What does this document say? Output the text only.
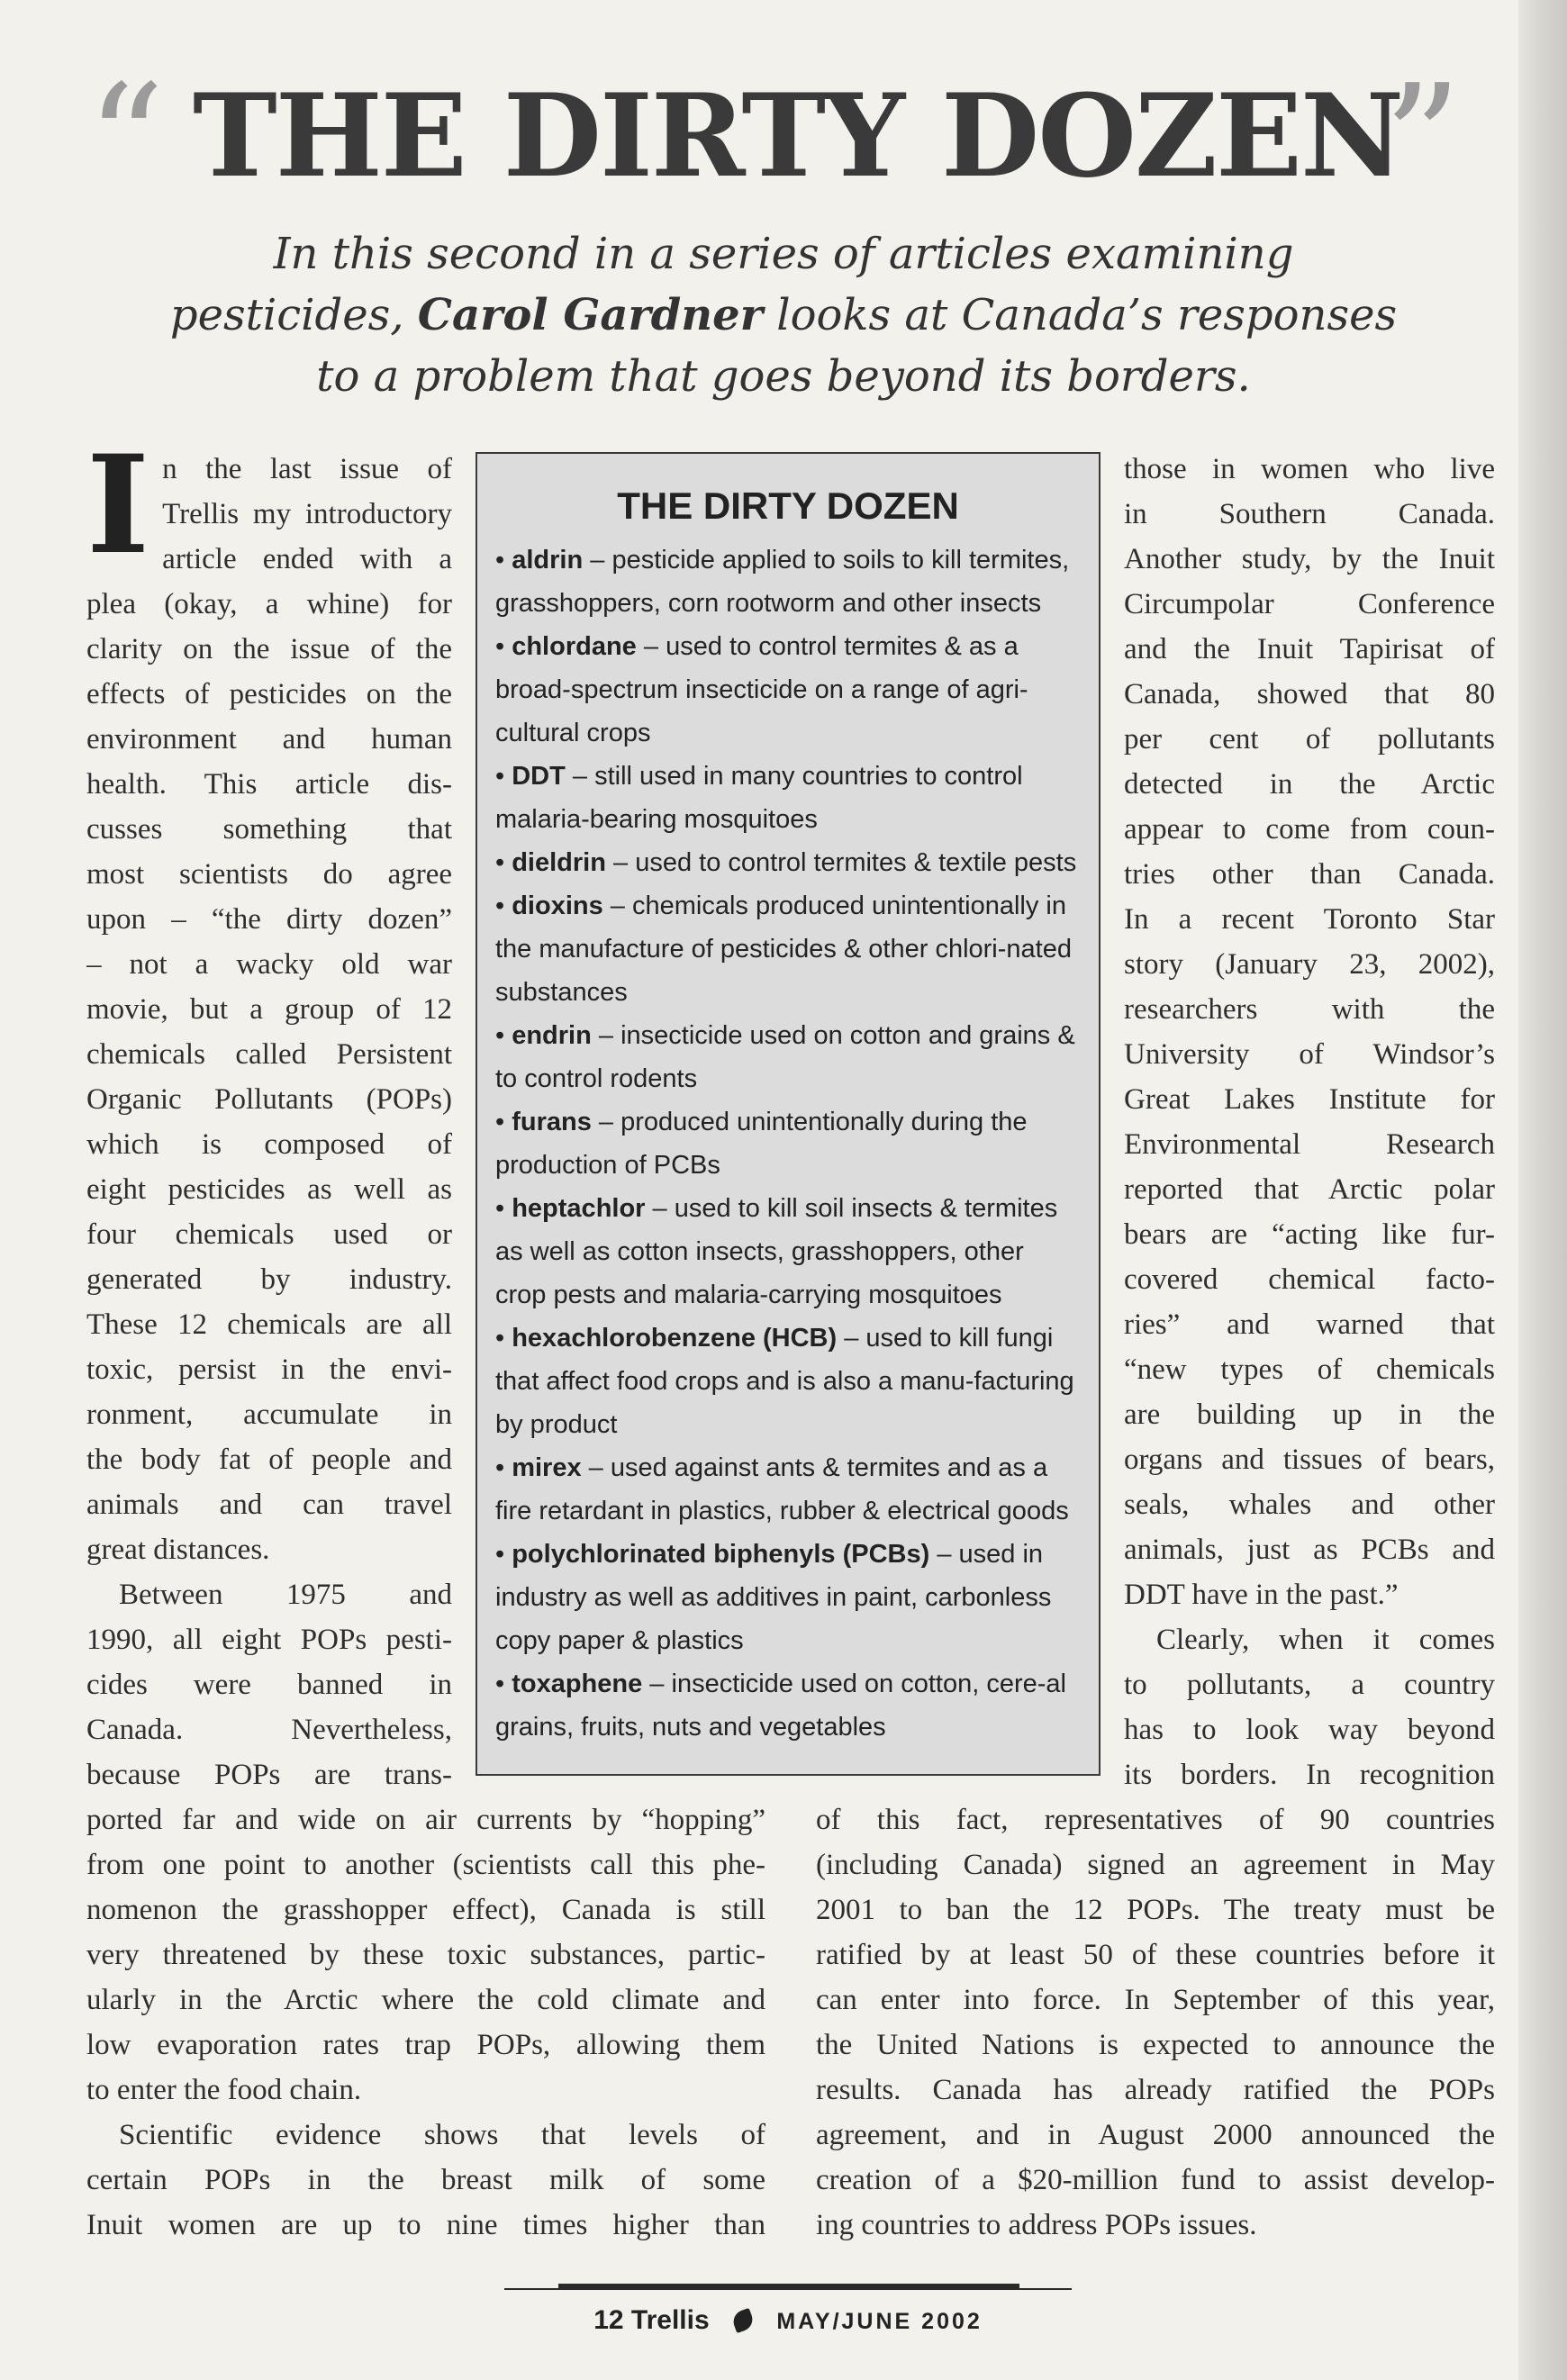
“ THE DIRTY DOZEN
”
In this second in a series of articles examining
pesticides, Carol Gardner looks at Canada’s responses
to a problem that goes beyond its borders.
I n the last issue of
Trellis my introductory
article ended with a
plea (okay, a whine) for
clarity on the issue of the
effects of pesticides on the
environment and human
health. This article dis-
cusses something that
most scientists do agree
upon – “the dirty dozen”
– not a wacky old war
movie, but a group of 12
chemicals called Persistent
Organic Pollutants (POPs)
which is composed of
eight pesticides as well as
four chemicals used or
generated by industry.
These 12 chemicals are all
toxic, persist in the envi-
ronment, accumulate in
the body fat of people and
animals and can travel
great distances.
Between 1975 and
1990, all eight POPs pesti-
cides were banned in
Canada. Nevertheless,
because POPs are trans-
ported far and wide on air currents by “hopping”
from one point to another (scientists call this phe-
nomenon the grasshopper effect), Canada is still
very threatened by these toxic substances, partic-
ularly in the Arctic where the cold climate and
low evaporation rates trap POPs, allowing them
to enter the food chain.
Scientific evidence shows that levels of
certain POPs in the breast milk of some
Inuit women are up to nine times higher than
THE DIRTY DOZEN

• aldrin – pesticide applied to soils to kill termites, grasshoppers, corn rootworm and other insects

• chlordane – used to control termites & as a broad-spectrum insecticide on a range of agri-cultural crops

• DDT – still used in many countries to control malaria-bearing mosquitoes

• dieldrin – used to control termites & textile pests

• dioxins – chemicals produced unintentionally in the manufacture of pesticides & other chlori-nated substances

• endrin – insecticide used on cotton and grains & to control rodents

• furans – produced unintentionally during the production of PCBs

• heptachlor – used to kill soil insects & termites as well as cotton insects, grasshoppers, other crop pests and malaria-carrying mosquitoes

• hexachlorobenzene (HCB) – used to kill fungi that affect food crops and is also a manu-facturing by product

• mirex – used against ants & termites and as a fire retardant in plastics, rubber & electrical goods

• polychlorinated biphenyls (PCBs) – used in industry as well as additives in paint, carbonless copy paper & plastics

• toxaphene – insecticide used on cotton, cere-al grains, fruits, nuts and vegetables

those in women who live
in Southern Canada.
Another study, by the Inuit
Circumpolar Conference
and the Inuit Tapirisat of
Canada, showed that 80
per cent of pollutants
detected in the Arctic
appear to come from coun-
tries other than Canada.
In a recent Toronto Star
story (January 23, 2002),
researchers with the
University of Windsor’s
Great Lakes Institute for
Environmental Research
reported that Arctic polar
bears are “acting like fur-
covered chemical facto-
ries” and warned that
“new types of chemicals
are building up in the
organs and tissues of bears,
seals, whales and other
animals, just as PCBs and
DDT have in the past.”
Clearly, when it comes
to pollutants, a country
has to look way beyond
its borders. In recognition
of this fact, representatives of 90 countries
(including Canada) signed an agreement in May
2001 to ban the 12 POPs. The treaty must be
ratified by at least 50 of these countries before it
can enter into force. In September of this year,
the United Nations is expected to announce the
results. Canada has already ratified the POPs
agreement, and in August 2000 announced the
creation of a $20-million fund to assist develop-
ing countries to address POPs issues.
12 Trellis	MAY/JUNE 2002
